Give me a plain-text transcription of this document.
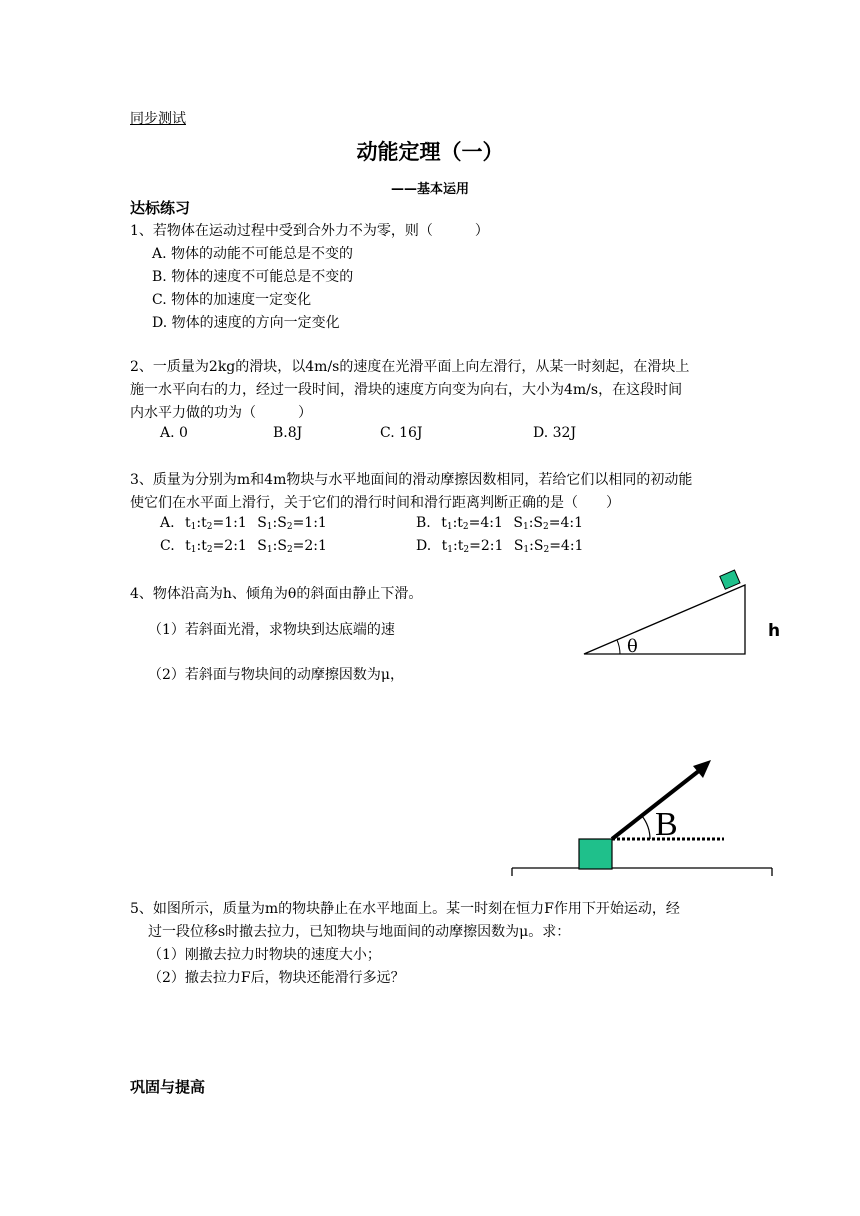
同步测试
动能定理（一）
——基本运用
达标练习
1、若物体在运动过程中受到合外力不为零，则（　　　）
A. 物体的动能不可能总是不变的
B. 物体的速度不可能总是不变的
C. 物体的加速度一定变化
D. 物体的速度的方向一定变化
2、一质量为2kg的滑块，以4m/s的速度在光滑平面上向左滑行，从某一时刻起，在滑块上
施一水平向右的力，经过一段时间，滑块的速度方向变为向右，大小为4m/s，在这段时间
内水平力做的功为（　　　）
A. 0	B.8J	C. 16J	D. 32J
3、质量为分别为m和4m物块与水平地面间的滑动摩擦因数相同，若给它们以相同的初动能
使它们在水平面上滑行，关于它们的滑行时间和滑行距离判断正确的是（　　）
A. $t_1:t_2=1:1$ $S_1:S_2=1:1$	B. $t_1:t_2=4:1$ $S_1:S_2=4:1$
C. $t_1:t_2=2:1$ $S_1:S_2=2:1$	D. $t_1:t_2=2:1$ $S_1:S_2=4:1$
4、物体沿高为h、倾角为θ的斜面由静止下滑。
（1）若斜面光滑，求物块到达底端的速
（2）若斜面与物块间的动摩擦因数为μ，
θ
h
B
5、如图所示，质量为m的物块静止在水平地面上。某一时刻在恒力F作用下开始运动，经
过一段位移s时撤去拉力，已知物块与地面间的动摩擦因数为μ。求：
（1）刚撤去拉力时物块的速度大小；
（2）撤去拉力F后，物块还能滑行多远？
巩固与提高
